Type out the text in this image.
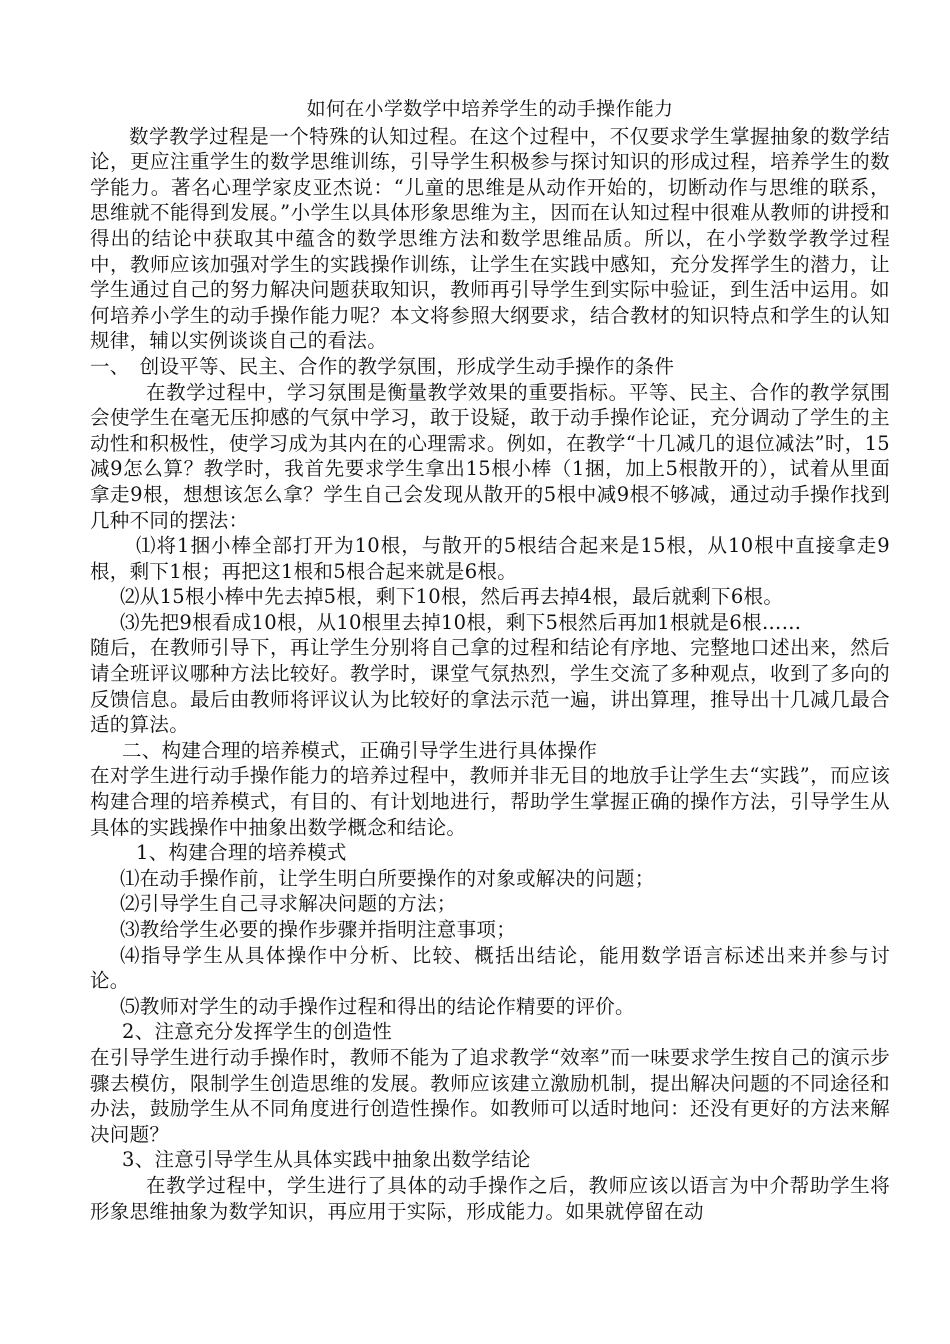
如何在小学数学中培养学生的动手操作能力

数学教学过程是一个特殊的认知过程。在这个过程中，不仅要求学生掌握抽象的数学结论，更应注重学生的数学思维训练，引导学生积极参与探讨知识的形成过程，培养学生的数学能力。著名心理学家皮亚杰说：“儿童的思维是从动作开始的，切断动作与思维的联系，思维就不能得到发展。”小学生以具体形象思维为主，因而在认知过程中很难从教师的讲授和得出的结论中获取其中蕴含的数学思维方法和数学思维品质。所以，在小学数学教学过程中，教师应该加强对学生的实践操作训练，让学生在实践中感知，充分发挥学生的潜力，让学生通过自己的努力解决问题获取知识，教师再引导学生到实际中验证，到生活中运用。如何培养小学生的动手操作能力呢？本文将参照大纲要求，结合教材的知识特点和学生的认知规律，辅以实例谈谈自己的看法。

一、　创设平等、民主、合作的教学氛围，形成学生动手操作的条件

在教学过程中，学习氛围是衡量教学效果的重要指标。平等、民主、合作的教学氛围会使学生在毫无压抑感的气氛中学习，敢于设疑，敢于动手操作论证，充分调动了学生的主动性和积极性，使学习成为其内在的心理需求。例如，在教学“十几减几的退位减法”时，15减9怎么算？教学时，我首先要求学生拿出15根小棒（1捆，加上5根散开的），试着从里面拿走9根，想想该怎么拿？学生自己会发现从散开的5根中减9根不够减，通过动手操作找到几种不同的摆法：

⑴将1捆小棒全部打开为10根，与散开的5根结合起来是15根，从10根中直接拿走9根，剩下1根；再把这1根和5根合起来就是6根。

⑵从15根小棒中先去掉5根，剩下10根，然后再去掉4根，最后就剩下6根。

⑶先把9根看成10根，从10根里去掉10根，剩下5根然后再加1根就是6根……

随后，在教师引导下，再让学生分别将自己拿的过程和结论有序地、完整地口述出来，然后请全班评议哪种方法比较好。教学时，课堂气氛热烈，学生交流了多种观点，收到了多向的反馈信息。最后由教师将评议认为比较好的拿法示范一遍，讲出算理，推导出十几减几最合适的算法。

二、构建合理的培养模式，正确引导学生进行具体操作

在对学生进行动手操作能力的培养过程中，教师并非无目的地放手让学生去“实践”，而应该构建合理的培养模式，有目的、有计划地进行，帮助学生掌握正确的操作方法，引导学生从具体的实践操作中抽象出数学概念和结论。

1、构建合理的培养模式

⑴在动手操作前，让学生明白所要操作的对象或解决的问题；

⑵引导学生自己寻求解决问题的方法；

⑶教给学生必要的操作步骤并指明注意事项；

⑷指导学生从具体操作中分析、比较、概括出结论，能用数学语言标述出来并参与讨论。

⑸教师对学生的动手操作过程和得出的结论作精要的评价。

2、注意充分发挥学生的创造性

在引导学生进行动手操作时，教师不能为了追求教学“效率”而一味要求学生按自己的演示步骤去模仿，限制学生创造思维的发展。教师应该建立激励机制，提出解决问题的不同途径和办法，鼓励学生从不同角度进行创造性操作。如教师可以适时地问：还没有更好的方法来解决问题？

3、注意引导学生从具体实践中抽象出数学结论

在教学过程中，学生进行了具体的动手操作之后，教师应该以语言为中介帮助学生将形象思维抽象为数学知识，再应用于实际，形成能力。如果就停留在动
